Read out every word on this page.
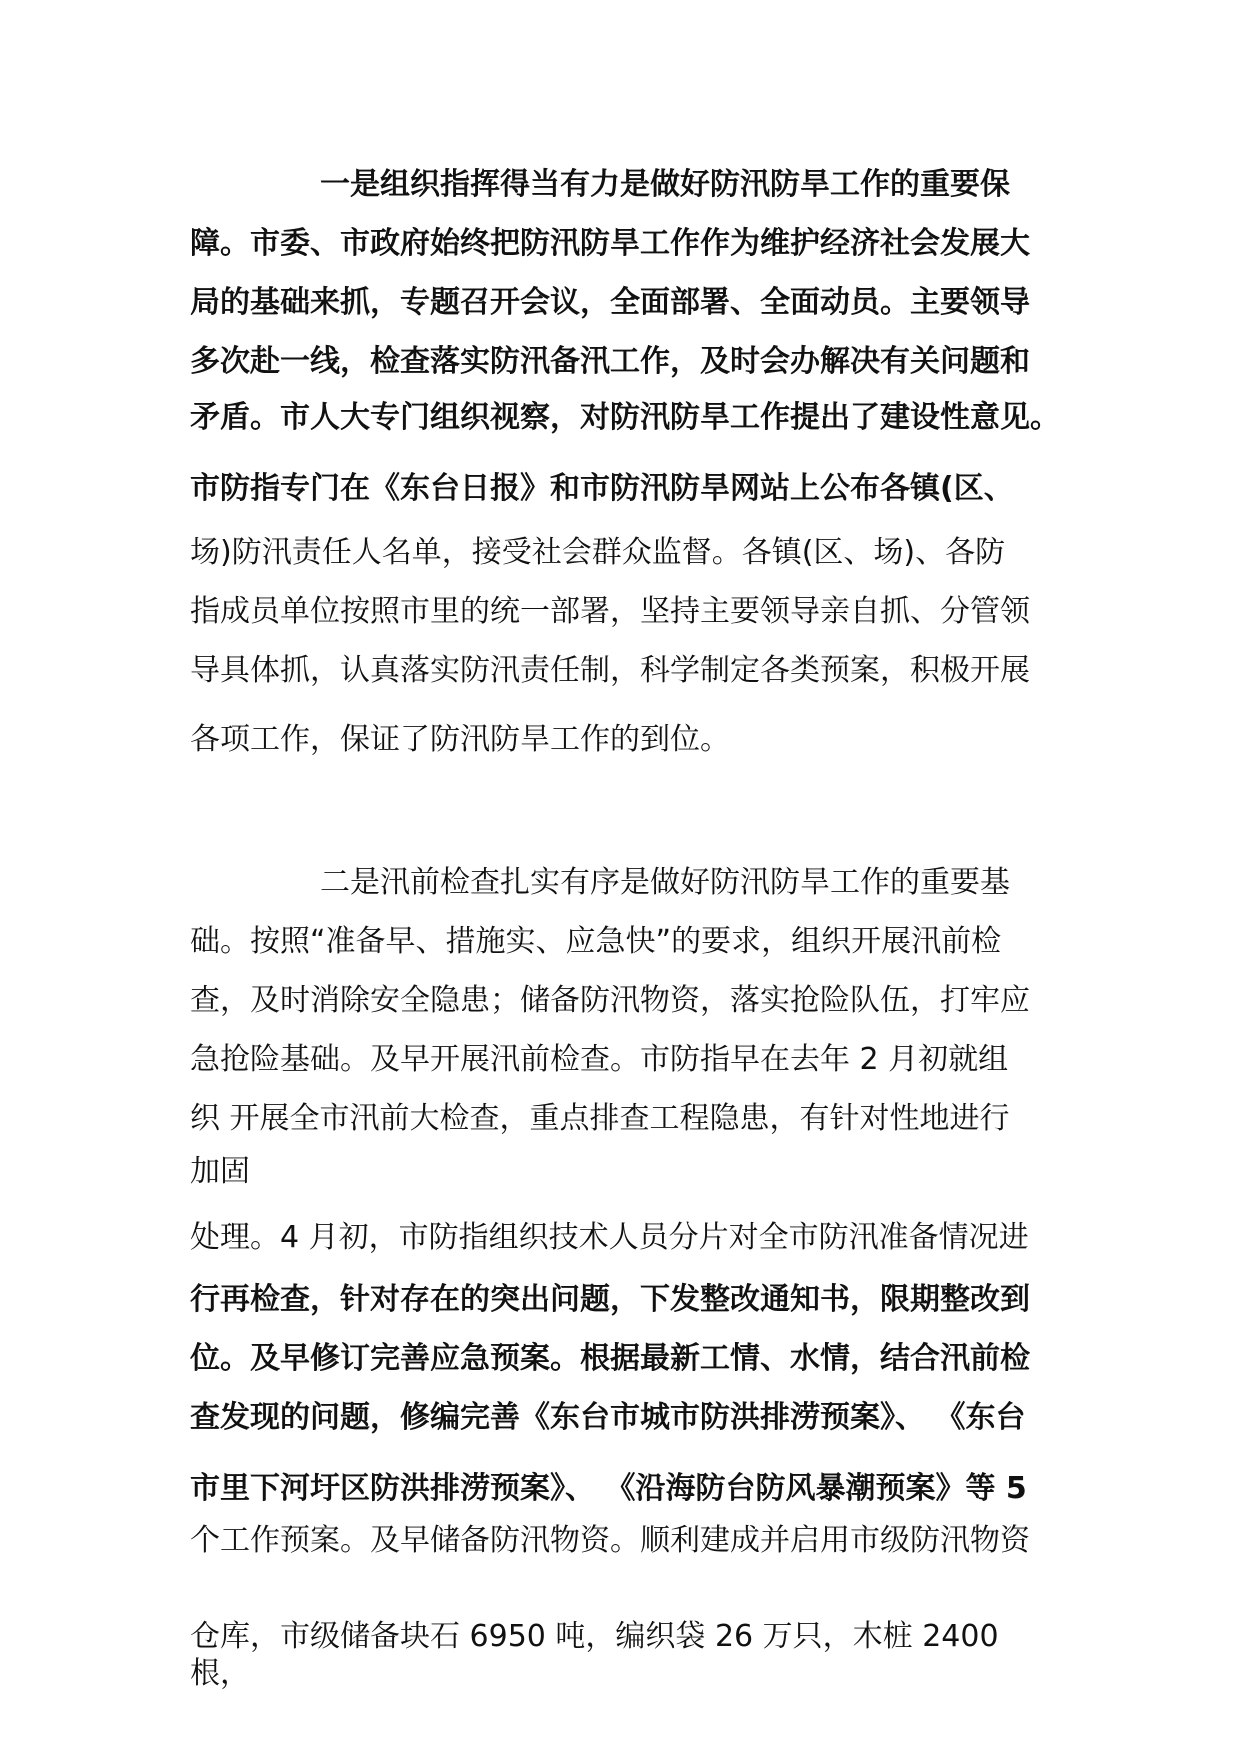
一是组织指挥得当有力是做好防汛防旱工作的重要保
障。市委、市政府始终把防汛防旱工作作为维护经济社会发展大
局的基础来抓，专题召开会议，全面部署、全面动员。主要领导
多次赴一线，检查落实防汛备汛工作，及时会办解决有关问题和
矛盾。市人大专门组织视察，对防汛防旱工作提出了建设性意见。
市防指专门在《东台日报》和市防汛防旱网站上公布各镇(区、
场)防汛责任人名单，接受社会群众监督。各镇(区、场)、各防
指成员单位按照市里的统一部署，坚持主要领导亲自抓、分管领
导具体抓，认真落实防汛责任制，科学制定各类预案，积极开展
各项工作，保证了防汛防旱工作的到位。
二是汛前检查扎实有序是做好防汛防旱工作的重要基
础。按照“准备早、措施实、应急快”的要求，组织开展汛前检
查，及时消除安全隐患；储备防汛物资，落实抢险队伍，打牢应
急抢险基础。及早开展汛前检查。市防指早在去年 2 月初就组
织 开展全市汛前大检查，重点排查工程隐患，有针对性地进行
加固
处理。4 月初，市防指组织技术人员分片对全市防汛准备情况进
行再检查，针对存在的突出问题，下发整改通知书，限期整改到
位。及早修订完善应急预案。根据最新工情、水情，结合汛前检
查发现的问题，修编完善《东台市城市防洪排涝预案》、 《东台
市里下河圩区防洪排涝预案》、 《沿海防台防风暴潮预案》等 5
个工作预案。及早储备防汛物资。顺利建成并启用市级防汛物资
仓库，市级储备块石 6950 吨，编织袋 26 万只，木桩 2400
根，
